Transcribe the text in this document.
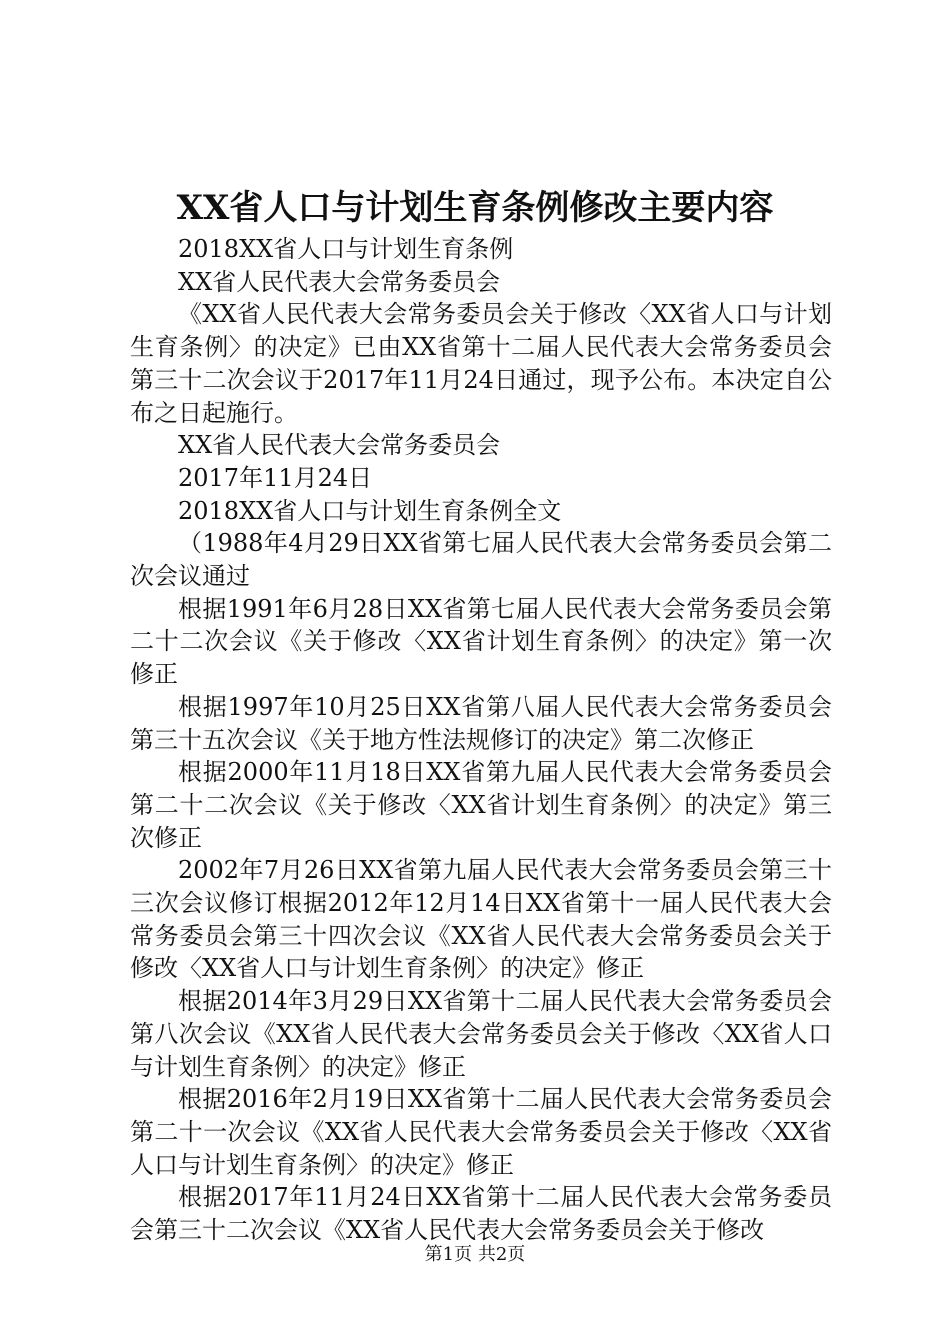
XX省人口与计划生育条例修改主要内容

2018XX省人口与计划生育条例

XX省人民代表大会常务委员会

《XX省人民代表大会常务委员会关于修改〈XX省人口与计划生育条例〉的决定》已由XX省第十二届人民代表大会常务委员会第三十二次会议于2017年11月24日通过，现予公布。本决定自公布之日起施行。

XX省人民代表大会常务委员会

2017年11月24日

2018XX省人口与计划生育条例全文

（1988年4月29日XX省第七届人民代表大会常务委员会第二次会议通过

根据1991年6月28日XX省第七届人民代表大会常务委员会第二十二次会议《关于修改〈XX省计划生育条例〉的决定》第一次修正

根据1997年10月25日XX省第八届人民代表大会常务委员会第三十五次会议《关于地方性法规修订的决定》第二次修正

根据2000年11月18日XX省第九届人民代表大会常务委员会第二十二次会议《关于修改〈XX省计划生育条例〉的决定》第三次修正

2002年7月26日XX省第九届人民代表大会常务委员会第三十三次会议修订根据2012年12月14日XX省第十一届人民代表大会常务委员会第三十四次会议《XX省人民代表大会常务委员会关于修改〈XX省人口与计划生育条例〉的决定》修正

根据2014年3月29日XX省第十二届人民代表大会常务委员会第八次会议《XX省人民代表大会常务委员会关于修改〈XX省人口与计划生育条例〉的决定》修正

根据2016年2月19日XX省第十二届人民代表大会常务委员会第二十一次会议《XX省人民代表大会常务委员会关于修改〈XX省人口与计划生育条例〉的决定》修正

根据2017年11月24日XX省第十二届人民代表大会常务委员会第三十二次会议《XX省人民代表大会常务委员会关于修改

第1页 共2页
